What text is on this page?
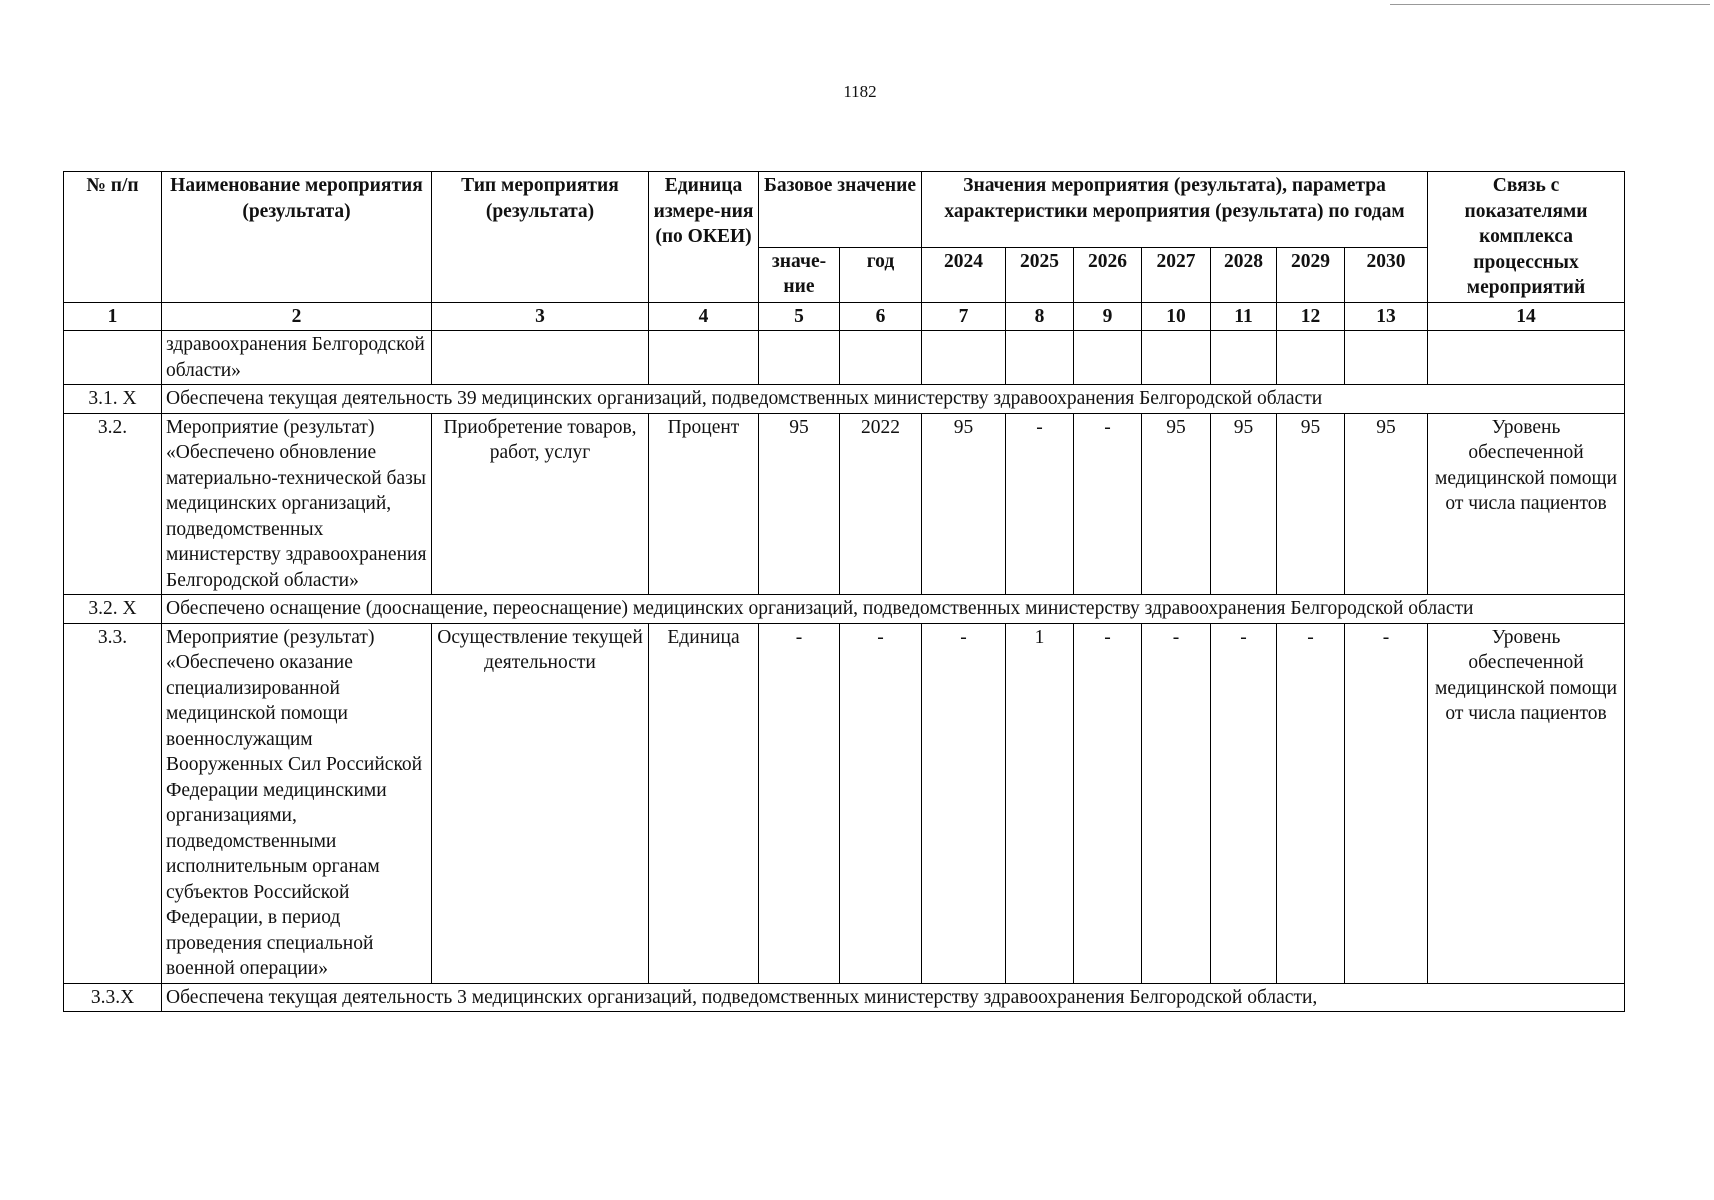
1182
№ п/п	Наименование мероприятия (результата)	Тип мероприятия (результата)	Единица измере-ния (по ОКЕИ)	Базовое значение		Значения мероприятия (результата), параметра характеристики мероприятия (результата) по годам							Связь с показателями комплекса процессных мероприятий
				значе-ние	год	2024	2025	2026	2027	2028	2029	2030	
1	2	3	4	5	6	7	8	9	10	11	12	13	14
	здравоохранения Белгородской области»												
3.1. Х	Обеспечена текущая деятельность 39 медицинских организаций, подведомственных министерству здравоохранения Белгородской области												
3.2.	Мероприятие (результат) «Обеспечено обновление материально-технической базы медицинских организаций, подведомственных министерству здравоохранения Белгородской области»	Приобретение товаров, работ, услуг	Процент	95	2022	95	-	-	95	95	95	95	Уровень обеспеченной медицинской помощи от числа пациентов
3.2. Х	Обеспечено оснащение (дооснащение, переоснащение) медицинских организаций, подведомственных министерству здравоохранения Белгородской области												
3.3.	Мероприятие (результат) «Обеспечено оказание специализированной медицинской помощи военнослужащим Вооруженных Сил Российской Федерации медицинскими организациями, подведомственными исполнительным органам субъектов Российской Федерации, в период проведения специальной военной операции»	Осуществление текущей деятельности	Единица	-	-	-	1	-	-	-	-	-	Уровень обеспеченной медицинской помощи от числа пациентов
3.3.Х	Обеспечена текущая деятельность 3 медицинских организаций, подведомственных министерству здравоохранения Белгородской области,												
